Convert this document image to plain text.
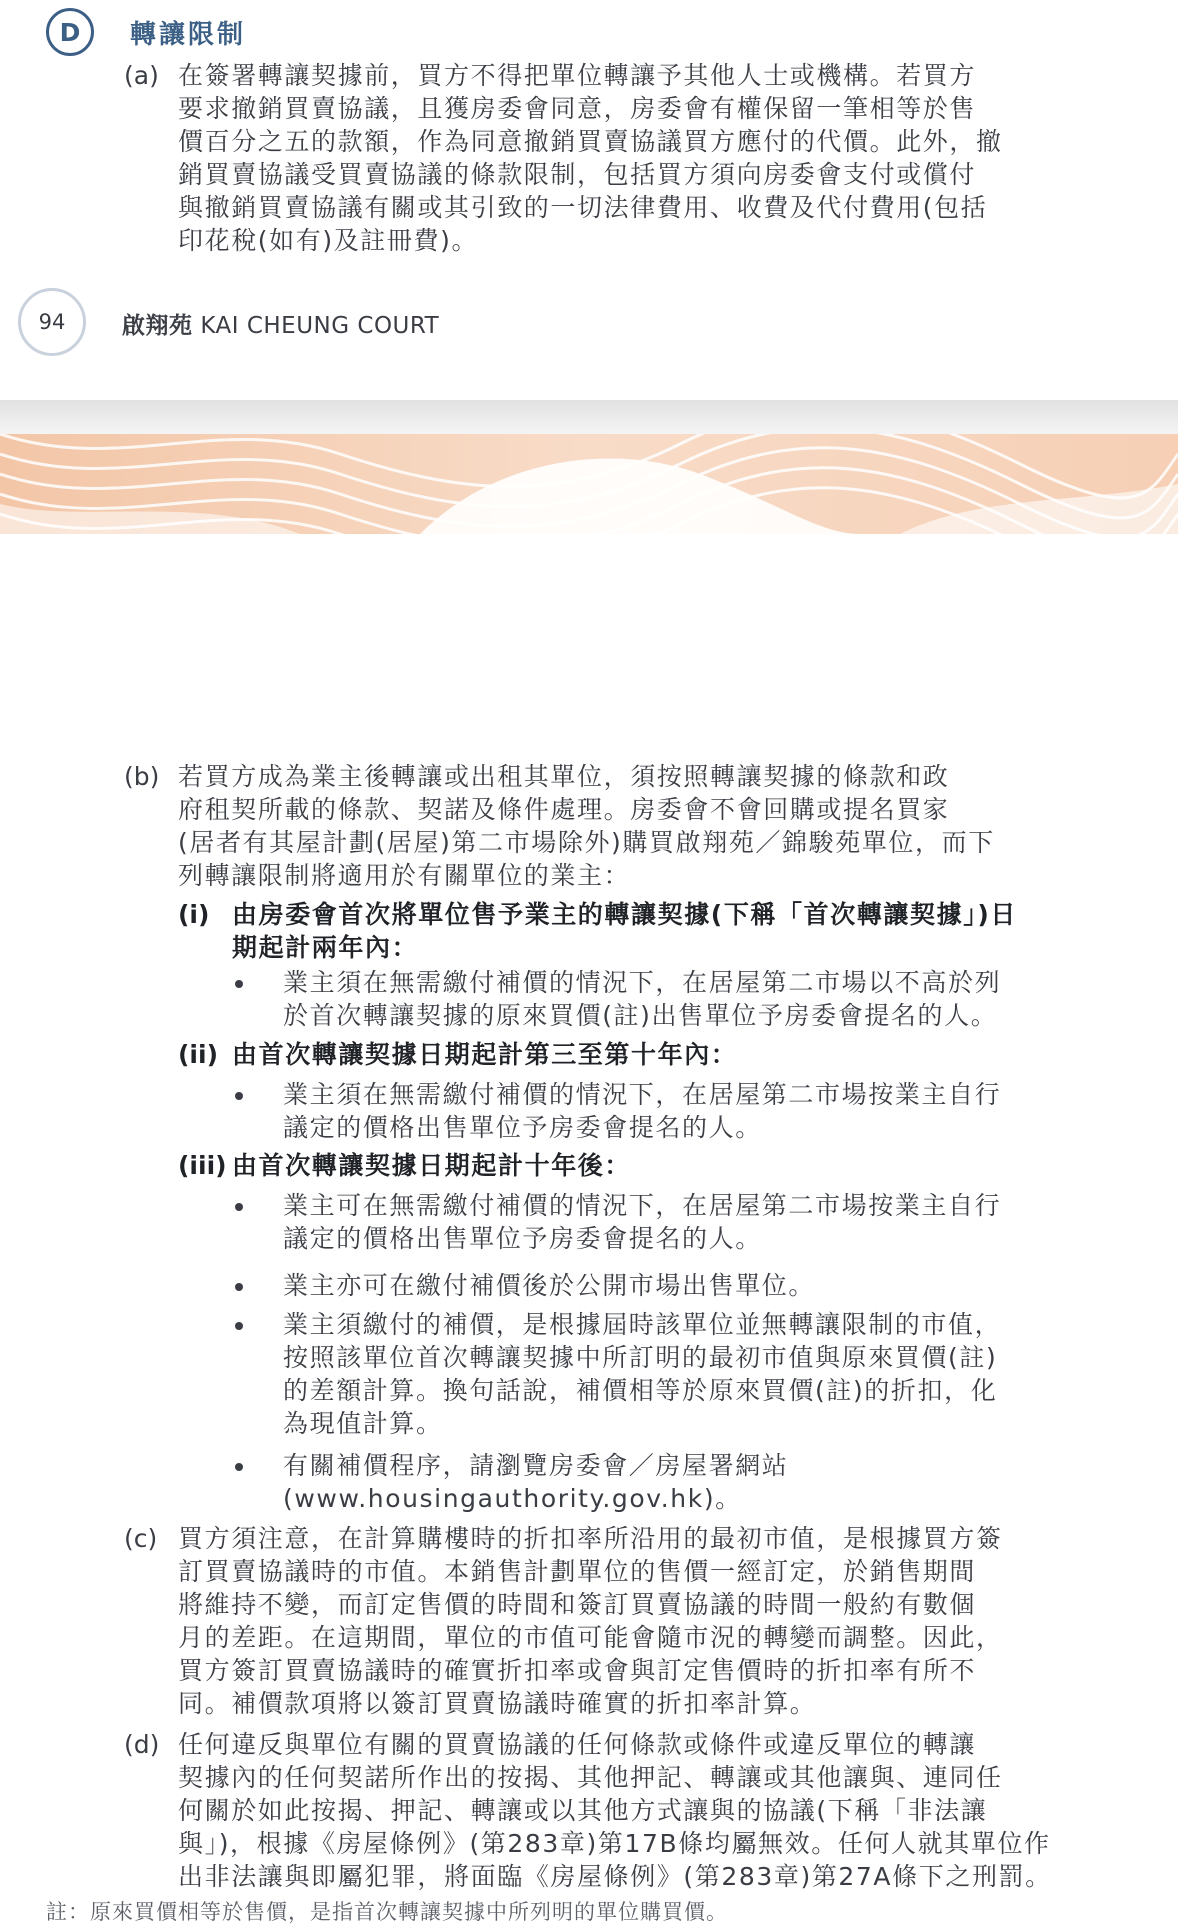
D 轉讓限制
(a) 在簽署轉讓契據前，買方不得把單位轉讓予其他人士或機構。若買方
要求撤銷買賣協議，且獲房委會同意，房委會有權保留一筆相等於售
價百分之五的款額，作為同意撤銷買賣協議買方應付的代價。此外，撤
銷買賣協議受買賣協議的條款限制，包括買方須向房委會支付或償付
與撤銷買賣協議有關或其引致的一切法律費用、收費及代付費用(包括
印花稅(如有)及註冊費)。
94 啟翔苑 KAI CHEUNG COURT
(b) 若買方成為業主後轉讓或出租其單位，須按照轉讓契據的條款和政
府租契所載的條款、契諾及條件處理。房委會不會回購或提名買家
(居者有其屋計劃(居屋)第二市場除外)購買啟翔苑／錦駿苑單位，而下
列轉讓限制將適用於有關單位的業主：
(i) 由房委會首次將單位售予業主的轉讓契據(下稱「首次轉讓契據」)日
期起計兩年內：
業主須在無需繳付補價的情況下，在居屋第二市場以不高於列
於首次轉讓契據的原來買價(註)出售單位予房委會提名的人。
(ii) 由首次轉讓契據日期起計第三至第十年內：
業主須在無需繳付補價的情況下，在居屋第二市場按業主自行
議定的價格出售單位予房委會提名的人。
(iii) 由首次轉讓契據日期起計十年後：
業主可在無需繳付補價的情況下，在居屋第二市場按業主自行
議定的價格出售單位予房委會提名的人。
業主亦可在繳付補價後於公開市場出售單位。
業主須繳付的補價，是根據屆時該單位並無轉讓限制的市值，
按照該單位首次轉讓契據中所訂明的最初市值與原來買價(註)
的差額計算。換句話說，補價相等於原來買價(註)的折扣，化
為現值計算。
有關補價程序，請瀏覽房委會／房屋署網站
(www.housingauthority.gov.hk)。
(c) 買方須注意，在計算購樓時的折扣率所沿用的最初市值，是根據買方簽
訂買賣協議時的市值。本銷售計劃單位的售價一經訂定，於銷售期間
將維持不變，而訂定售價的時間和簽訂買賣協議的時間一般約有數個
月的差距。在這期間，單位的市值可能會隨市況的轉變而調整。因此，
買方簽訂買賣協議時的確實折扣率或會與訂定售價時的折扣率有所不
同。補價款項將以簽訂買賣協議時確實的折扣率計算。
(d) 任何違反與單位有關的買賣協議的任何條款或條件或違反單位的轉讓
契據內的任何契諾所作出的按揭、其他押記、轉讓或其他讓與、連同任
何關於如此按揭、押記、轉讓或以其他方式讓與的協議(下稱「非法讓
與」)，根據《房屋條例》(第283章)第17B條均屬無效。任何人就其單位作
出非法讓與即屬犯罪，將面臨《房屋條例》(第283章)第27A條下之刑罰。
註：原來買價相等於售價，是指首次轉讓契據中所列明的單位購買價。
